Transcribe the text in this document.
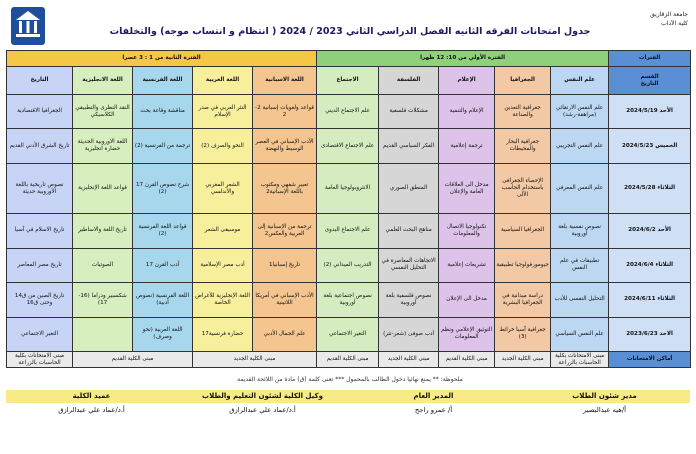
جامعة الزقازيق
كلية الآداب
جدول امتحانات الفرقه الثانيه الفصل الدراسي الثاني 2023 / 2024 ( انتظام و انتساب موجه) والتخلفات
الفترات	الفترة الأولي من 10: 12 ظهرا					الفترة الثانية من 1 : 3 عصرا				

القسم
التاريخ	علم النفس	الجغرافيا	الإعلام	الفلسفة	الاجتماع	اللغة الاسبانية	اللغة العربية	اللغة الفرنسية	اللغة الانجليزية	التاريخ
الأحد 2024/5/19	علم النفس الارتقائي (مراهقة-رشد)	جغرافية التعدين والصناعة	الإعلام والتنمية	مشكلات فلسفية	علم الاجتماع الديني	قواعد ولغويات إسبانية 2-2	النثر العربي في صدر الإسلام	مناقشة وقاعة بحث	النقد النظرى والتطبيقي الكلاسيكي	الجغرافيا الاقتصادية
الخميس 2024/5/23	علم النفس التجريبي	جغرافية البحار والمحيطات	ترجمة إعلامية	الفكر السياسي القديم	علم الاجتماع الاقتصادى	الأدب الإسباني في العصر الوسيط والنهضة	النحو والصرف (2)	ترجمة من الفرنسية (2)	اللغة الاوروبية الحديثة حضارة انجليزية	تاريخ الشرق الأدني القديم
الثلاثاء 2024/5/28	علم النفس المعرفي	الإحصاء الجغرافى باستخدام الحاسب الآلى	مدخل الى العلاقات العامة والإعلان	المنطق الصوري	الانثروبولوجيا العامة	تعبير شفهي ومكتوب باللغة الإسبانية2	الشعر المغربي والأندلسي	شرح نصوص القرن 17 (2)	قواعد اللغة الإنجليزية	نصوص تاريخية باللغة الأوروبية حديثة
الأحد 2024/6/2	نصوص نفسية بلغة أوروبية	الجغرافيا السياسية	تكنولوجيا الاتصال والمعلومات	مناهج البحث العلمي	علم الاجتماع البدوى	ترجمة من الإسبانية إلى العربية والعكس2	موسيقى الشعر	قواعد اللغة الفرنسية (2)	تاريخ اللغة والاساطير	تاريخ الاسلام في آسيا
الثلاثاء 2024/6/4	تطبيقات في علم النفس	جيومورفولوجيا تطبيقية	تشريعات إعلامية	الاتجاهات المعاصرة في التحليل النفسي	التدريب الميداني (2)	تاريخ إسبانيا1	أدب مصر الإسلامية	أدب القرن 17	الصوتيات	تاريخ مصر المعاصر
الثلاثاء 2024/6/11	التحليل النفسى للأدب	دراسة ميدانية في الجغرافيا البشرية	مدخل الى الإعلان	نصوص فلسفية بلغة أوروبية	نصوص اجتماعية بلغة أوروبية	الأدب الإسباني في أمريكا اللاتينية	اللغة الإنجليزية للأغراض الخاصة	اللغة الفرنسية (نصوص أدبية)	شكسبير ودراما (16-17)	تاريخ الصين من ق14 وحتى ق16
الاحد 2023/6/23	علم النفس السياسي	جغرافية آسيا خرائط (3)	التوثيق الإعلامي ونظم المعلومات	أدب صوفى (شعر-نثر)	التغير الاجتماعي	علم الجمال الأدبي	حضارة فرنسية17	اللغة العربية (نحو وصرف)		التغير الاجتماعي
أماكن الامتحانات	مبنى الامتحانات بكلية الحاسبات بالزراعة	مبنى الكلية الجديد	مبنى الكلية القديم	مبنى الكلية الجديد	مبنى الكلية القديم	مبنى الكلية الجديد		مبنى الكلية القديم		مبنى الامتحانات بكلية الحاسبات بالزراعة
ملحوظة: ** يمنع نهائيا دخول الطالب بالمحمول *** تعنى كلمة (ق) مادة من اللائحة القديمة
مدير شئون الطلاب
المدير العام
وكيل الكلية لشئون التعليم والطلاب
عميد الكلية
أ/هيه عبدالبصير
أ/ عمرو راجح
أ.د/عماد علي عبدالرازق
أ.د/عماد علي عبدالرازق
